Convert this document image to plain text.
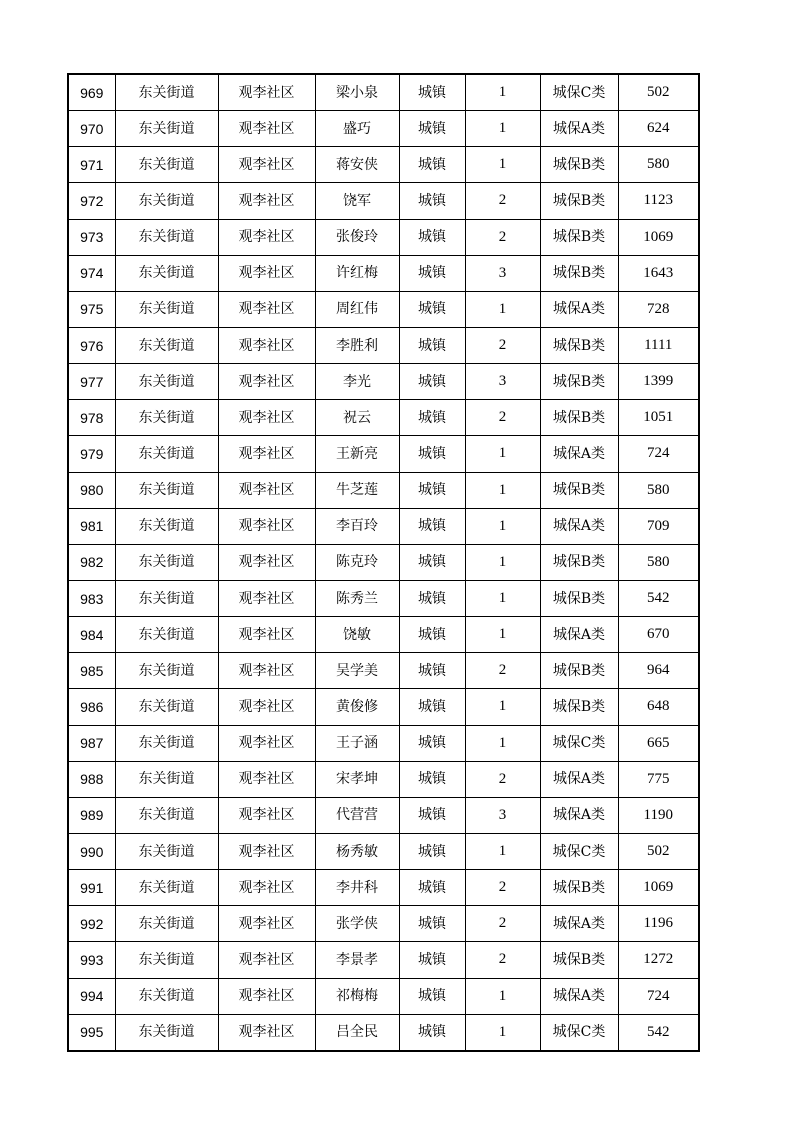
969	东关街道	观李社区	梁小泉	城镇	1	城保C类	502
970	东关街道	观李社区	盛巧	城镇	1	城保A类	624
971	东关街道	观李社区	蒋安侠	城镇	1	城保B类	580
972	东关街道	观李社区	饶军	城镇	2	城保B类	1123
973	东关街道	观李社区	张俊玲	城镇	2	城保B类	1069
974	东关街道	观李社区	许红梅	城镇	3	城保B类	1643
975	东关街道	观李社区	周红伟	城镇	1	城保A类	728
976	东关街道	观李社区	李胜利	城镇	2	城保B类	1111
977	东关街道	观李社区	李光	城镇	3	城保B类	1399
978	东关街道	观李社区	祝云	城镇	2	城保B类	1051
979	东关街道	观李社区	王新亮	城镇	1	城保A类	724
980	东关街道	观李社区	牛芝莲	城镇	1	城保B类	580
981	东关街道	观李社区	李百玲	城镇	1	城保A类	709
982	东关街道	观李社区	陈克玲	城镇	1	城保B类	580
983	东关街道	观李社区	陈秀兰	城镇	1	城保B类	542
984	东关街道	观李社区	饶敏	城镇	1	城保A类	670
985	东关街道	观李社区	吴学美	城镇	2	城保B类	964
986	东关街道	观李社区	黄俊修	城镇	1	城保B类	648
987	东关街道	观李社区	王子涵	城镇	1	城保C类	665
988	东关街道	观李社区	宋孝坤	城镇	2	城保A类	775
989	东关街道	观李社区	代营营	城镇	3	城保A类	1190
990	东关街道	观李社区	杨秀敏	城镇	1	城保C类	502
991	东关街道	观李社区	李井科	城镇	2	城保B类	1069
992	东关街道	观李社区	张学侠	城镇	2	城保A类	1196
993	东关街道	观李社区	李景孝	城镇	2	城保B类	1272
994	东关街道	观李社区	祁梅梅	城镇	1	城保A类	724
995	东关街道	观李社区	吕全民	城镇	1	城保C类	542
